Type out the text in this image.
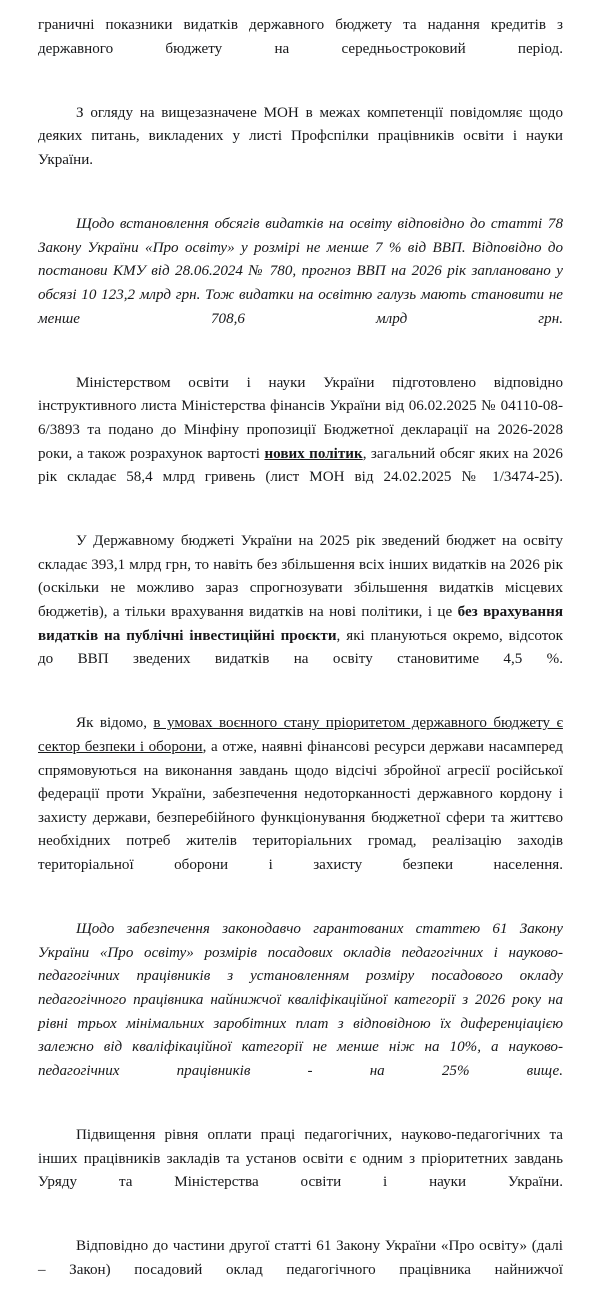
граничні показники видатків державного бюджету та надання кредитів з державного бюджету на середньостроковий період.

З огляду на вищезазначене МОН в межах компетенції повідомляє щодо деяких питань, викладених у листі Профспілки працівників освіти і науки України.

Щодо встановлення обсягів видатків на освіту відповідно до статті 78 Закону України «Про освіту» у розмірі не менше 7 % від ВВП. Відповідно до постанови КМУ від 28.06.2024 № 780, прогноз ВВП на 2026 рік заплановано у обсязі 10 123,2 млрд грн. Тож видатки на освітню галузь мають становити не менше 708,6 млрд грн.

Міністерством освіти і науки України підготовлено відповідно інструктивного листа Міністерства фінансів України від 06.02.2025 № 04110-08-6/3893 та подано до Мінфіну пропозиції Бюджетної декларації на 2026-2028 роки, а також розрахунок вартості нових політик, загальний обсяг яких на 2026 рік складає 58,4 млрд гривень (лист МОН від 24.02.2025 № 1/3474-25).

У Державному бюджеті України на 2025 рік зведений бюджет на освіту складає 393,1 млрд грн, то навіть без збільшення всіх інших видатків на 2026 рік (оскільки не можливо зараз спрогнозувати збільшення видатків місцевих бюджетів), а тільки врахування видатків на нові політики, і це без врахування видатків на публічні інвестиційні проєкти, які плануються окремо, відсоток до ВВП зведених видатків на освіту становитиме 4,5 %.

Як відомо, в умовах воєнного стану пріоритетом державного бюджету є сектор безпеки і оборони, а отже, наявні фінансові ресурси держави насамперед спрямовуються на виконання завдань щодо відсічі збройної агресії російської федерації проти України, забезпечення недоторканності державного кордону і захисту держави, безперебійного функціонування бюджетної сфери та життєво необхідних потреб жителів територіальних громад, реалізацію заходів територіальної оборони і захисту безпеки населення.

Щодо забезпечення законодавчо гарантованих статтею 61 Закону України «Про освіту» розмірів посадових окладів педагогічних і науково-педагогічних працівників з установленням розміру посадового окладу педагогічного працівника найнижчої кваліфікаційної категорії з 2026 року на рівні трьох мінімальних заробітних плат з відповідною їх диференціацією залежно від кваліфікаційної категорії не менше ніж на 10%, а науково-педагогічних працівників - на 25% вище.

Підвищення рівня оплати праці педагогічних, науково-педагогічних та інших працівників закладів та установ освіти є одним з пріоритетних завдань Уряду та Міністерства освіти і науки України.

Відповідно до частини другої статті 61 Закону України «Про освіту» (далі – Закон) посадовий оклад педагогічного працівника найнижчої
